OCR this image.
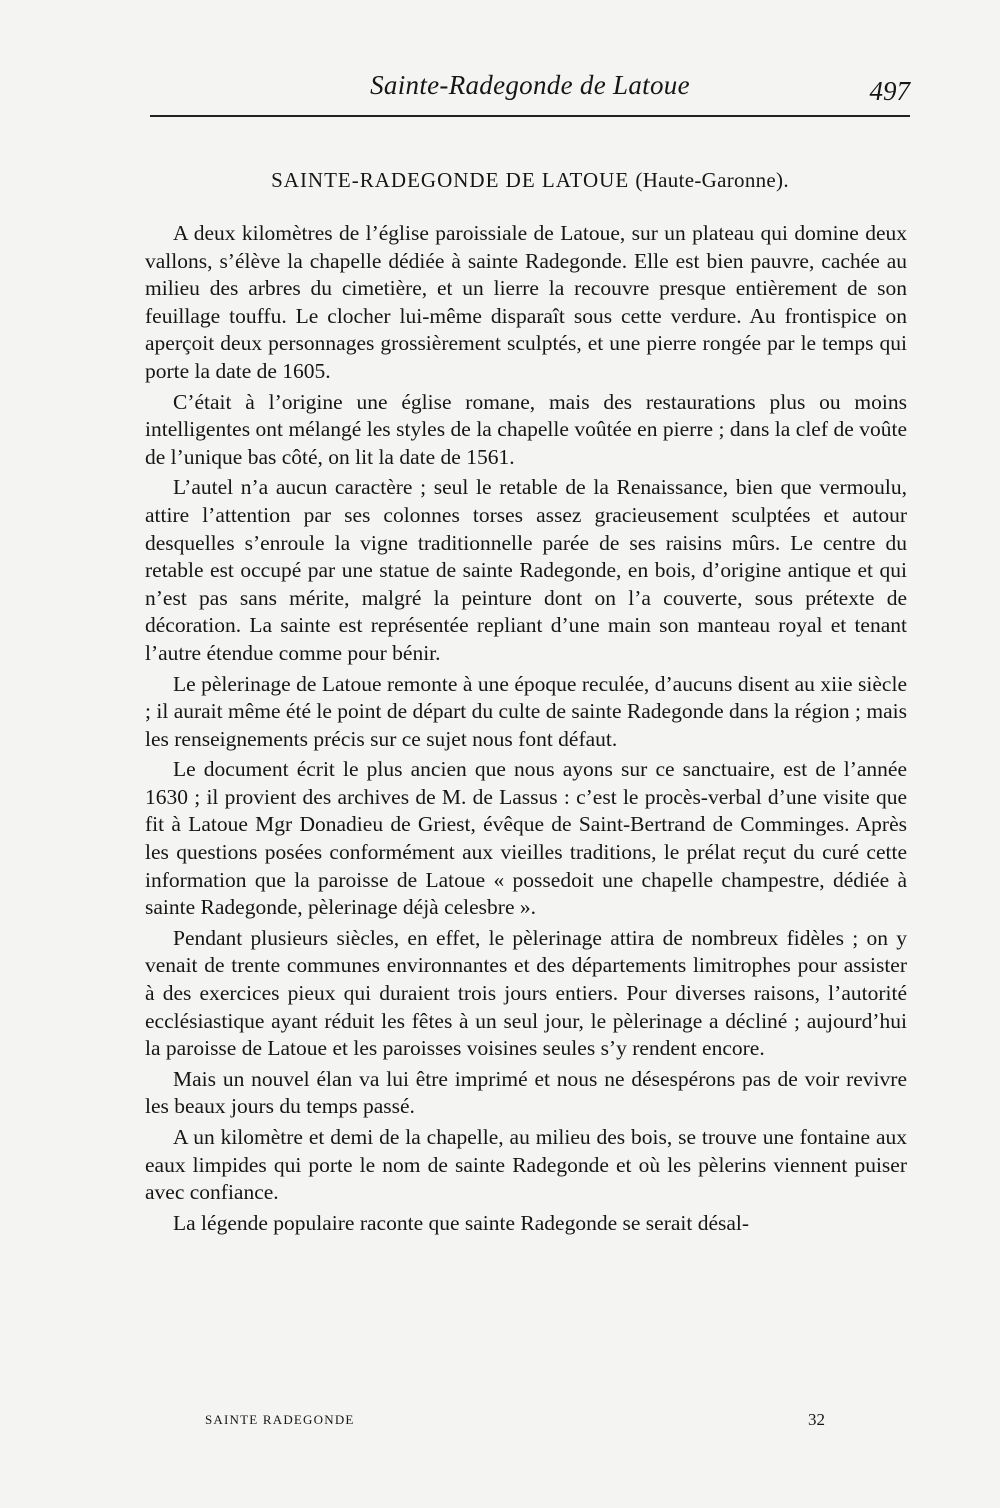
Sainte-Radegonde de Latoue	497
SAINTE-RADEGONDE DE LATOUE (Haute-Garonne).

A deux kilomètres de l’église paroissiale de Latoue, sur un plateau qui domine deux vallons, s’élève la chapelle dédiée à sainte Radegonde. Elle est bien pauvre, cachée au milieu des arbres du cimetière, et un lierre la recouvre presque entièrement de son feuillage touffu. Le clocher lui-même disparaît sous cette verdure. Au frontispice on aperçoit deux personnages grossièrement sculptés, et une pierre rongée par le temps qui porte la date de 1605.

C’était à l’origine une église romane, mais des restaurations plus ou moins intelligentes ont mélangé les styles de la chapelle voûtée en pierre ; dans la clef de voûte de l’unique bas côté, on lit la date de 1561.

L’autel n’a aucun caractère ; seul le retable de la Renaissance, bien que vermoulu, attire l’attention par ses colonnes torses assez gracieusement sculptées et autour desquelles s’enroule la vigne traditionnelle parée de ses raisins mûrs. Le centre du retable est occupé par une statue de sainte Radegonde, en bois, d’origine antique et qui n’est pas sans mérite, malgré la peinture dont on l’a couverte, sous prétexte de décoration. La sainte est représentée repliant d’une main son manteau royal et tenant l’autre étendue comme pour bénir.

Le pèlerinage de Latoue remonte à une époque reculée, d’aucuns disent au xiie siècle ; il aurait même été le point de départ du culte de sainte Radegonde dans la région ; mais les renseignements précis sur ce sujet nous font défaut.

Le document écrit le plus ancien que nous ayons sur ce sanctuaire, est de l’année 1630 ; il provient des archives de M. de Lassus : c’est le procès-verbal d’une visite que fit à Latoue Mgr Donadieu de Griest, évêque de Saint-Bertrand de Comminges. Après les questions posées conformément aux vieilles traditions, le prélat reçut du curé cette information que la paroisse de Latoue « possedoit une chapelle champestre, dédiée à sainte Radegonde, pèlerinage déjà celesbre ».

Pendant plusieurs siècles, en effet, le pèlerinage attira de nombreux fidèles ; on y venait de trente communes environnantes et des départements limitrophes pour assister à des exercices pieux qui duraient trois jours entiers. Pour diverses raisons, l’autorité ecclésiastique ayant réduit les fêtes à un seul jour, le pèlerinage a décliné ; aujourd’hui la paroisse de Latoue et les paroisses voisines seules s’y rendent encore.

Mais un nouvel élan va lui être imprimé et nous ne désespérons pas de voir revivre les beaux jours du temps passé.

A un kilomètre et demi de la chapelle, au milieu des bois, se trouve une fontaine aux eaux limpides qui porte le nom de sainte Radegonde et où les pèlerins viennent puiser avec confiance.

La légende populaire raconte que sainte Radegonde se serait désal-

SAINTE RADEGONDE	32
